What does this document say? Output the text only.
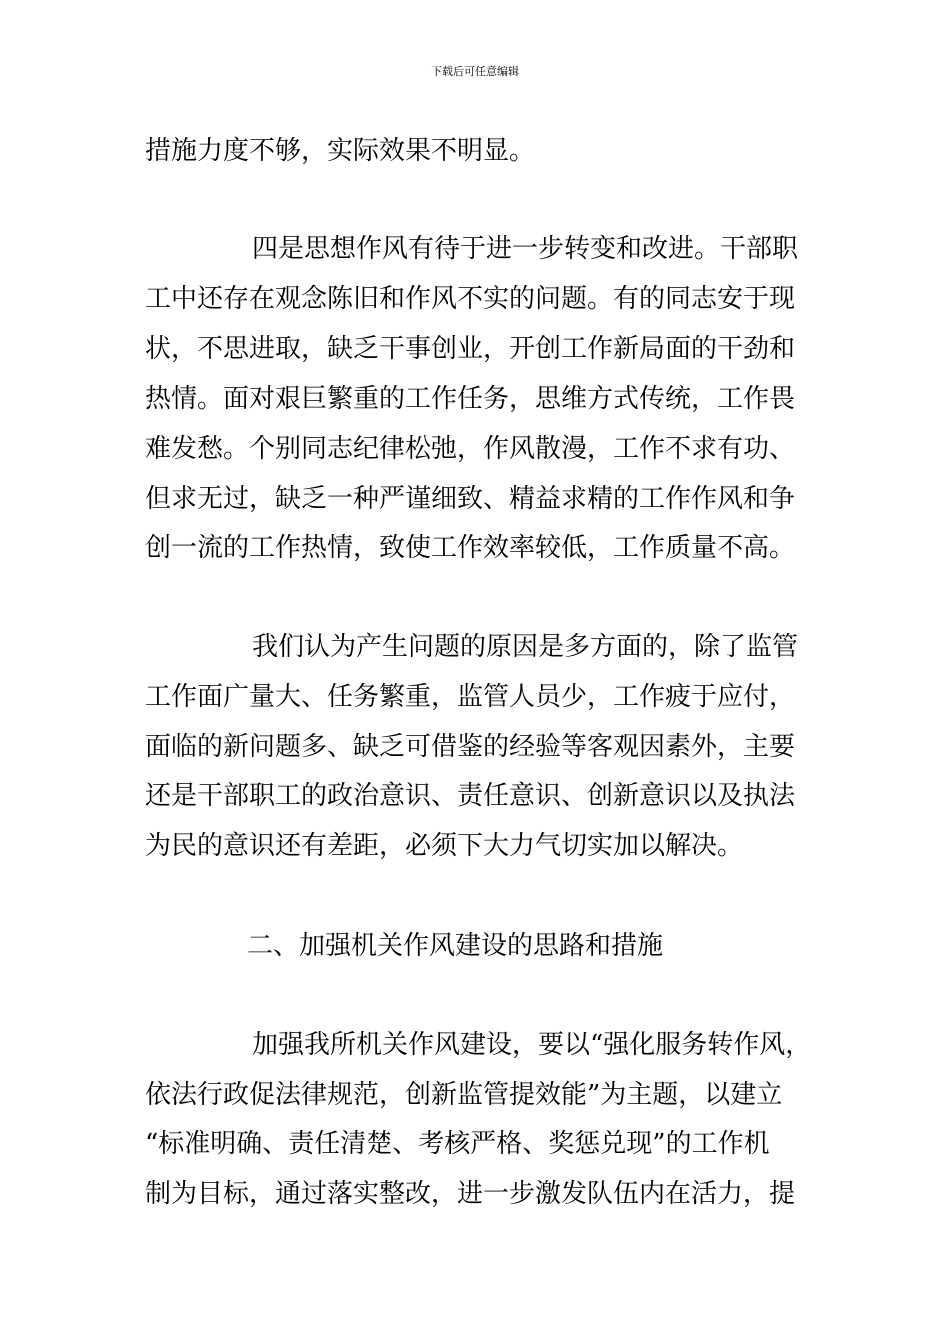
下载后可任意编辑
措施力度不够，实际效果不明显。
四是思想作风有待于进一步转变和改进。干部职
工中还存在观念陈旧和作风不实的问题。有的同志安于现
状，不思进取，缺乏干事创业，开创工作新局面的干劲和
热情。面对艰巨繁重的工作任务，思维方式传统，工作畏
难发愁。个别同志纪律松弛，作风散漫，工作不求有功、
但求无过，缺乏一种严谨细致、精益求精的工作作风和争
创一流的工作热情，致使工作效率较低，工作质量不高。
我们认为产生问题的原因是多方面的，除了监管
工作面广量大、任务繁重，监管人员少，工作疲于应付，
面临的新问题多、缺乏可借鉴的经验等客观因素外，主要
还是干部职工的政治意识、责任意识、创新意识以及执法
为民的意识还有差距，必须下大力气切实加以解决。
二、加强机关作风建设的思路和措施
加强我所机关作风建设，要以“强化服务转作风，
依法行政促法律规范，创新监管提效能”为主题，以建立
“标准明确、责任清楚、考核严格、奖惩兑现”的工作机
制为目标，通过落实整改，进一步激发队伍内在活力，提
